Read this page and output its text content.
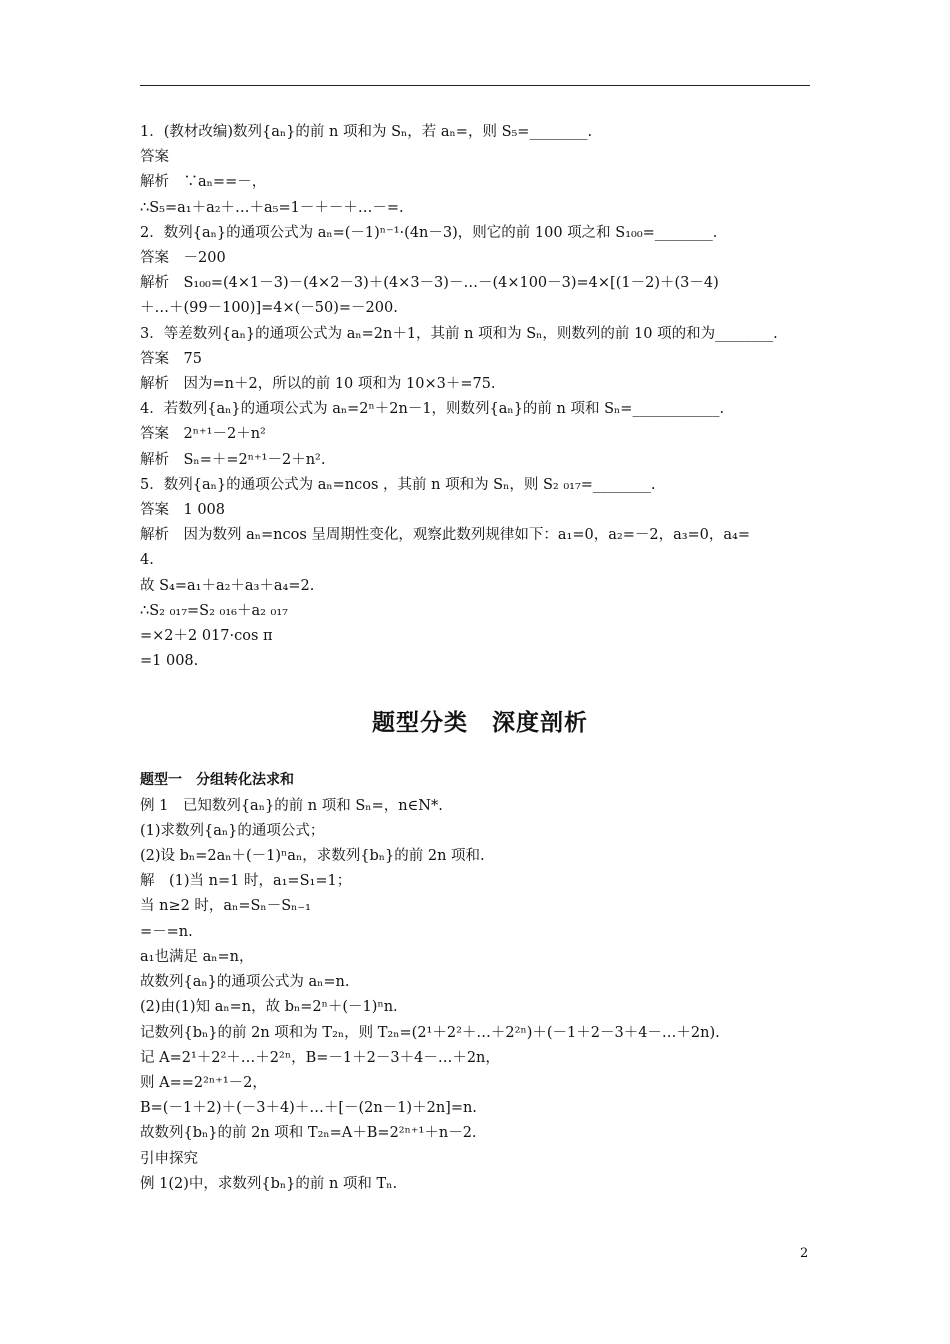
1．(教材改编)数列{aₙ}的前 n 项和为 Sₙ，若 aₙ=，则 S₅=________.
答案
解析　∵aₙ==－，
∴S₅=a₁＋a₂＋…＋a₅=1－＋－＋…－=.
2．数列{aₙ}的通项公式为 aₙ=(－1)ⁿ⁻¹·(4n－3)，则它的前 100 项之和 S₁₀₀=________.
答案　－200
解析　S₁₀₀=(4×1－3)－(4×2－3)＋(4×3－3)－…－(4×100－3)=4×[(1－2)＋(3－4)
＋…＋(99－100)]=4×(－50)=－200.
3．等差数列{aₙ}的通项公式为 aₙ=2n＋1，其前 n 项和为 Sₙ，则数列的前 10 项的和为________.
答案　75
解析　因为=n＋2，所以的前 10 项和为 10×3＋=75.
4．若数列{aₙ}的通项公式为 aₙ=2ⁿ＋2n－1，则数列{aₙ}的前 n 项和 Sₙ=____________.
答案　2ⁿ⁺¹－2＋n²
解析　Sₙ=＋=2ⁿ⁺¹－2＋n².
5．数列{aₙ}的通项公式为 aₙ=ncos ，其前 n 项和为 Sₙ，则 S₂ ₀₁₇=________.
答案　1 008
解析　因为数列 aₙ=ncos 呈周期性变化，观察此数列规律如下：a₁=0，a₂=－2，a₃=0，a₄=
4.
故 S₄=a₁＋a₂＋a₃＋a₄=2.
∴S₂ ₀₁₇=S₂ ₀₁₆＋a₂ ₀₁₇
=×2＋2 017·cos π
=1 008.
题型分类　深度剖析
题型一　分组转化法求和
例 1　已知数列{aₙ}的前 n 项和 Sₙ=，n∈N*.
(1)求数列{aₙ}的通项公式；
(2)设 bₙ=2aₙ＋(－1)ⁿaₙ，求数列{bₙ}的前 2n 项和.
解　(1)当 n=1 时，a₁=S₁=1；
当 n≥2 时，aₙ=Sₙ－Sₙ₋₁
=－=n.
a₁也满足 aₙ=n，
故数列{aₙ}的通项公式为 aₙ=n.
(2)由(1)知 aₙ=n，故 bₙ=2ⁿ＋(－1)ⁿn.
记数列{bₙ}的前 2n 项和为 T₂ₙ，则 T₂ₙ=(2¹＋2²＋…＋2²ⁿ)＋(－1＋2－3＋4－…＋2n).
记 A=2¹＋2²＋…＋2²ⁿ，B=－1＋2－3＋4－…＋2n，
则 A==2²ⁿ⁺¹－2，
B=(－1＋2)＋(－3＋4)＋…＋[－(2n－1)＋2n]=n.
故数列{bₙ}的前 2n 项和 T₂ₙ=A＋B=2²ⁿ⁺¹＋n－2.
引申探究
例 1(2)中，求数列{bₙ}的前 n 项和 Tₙ.
2
